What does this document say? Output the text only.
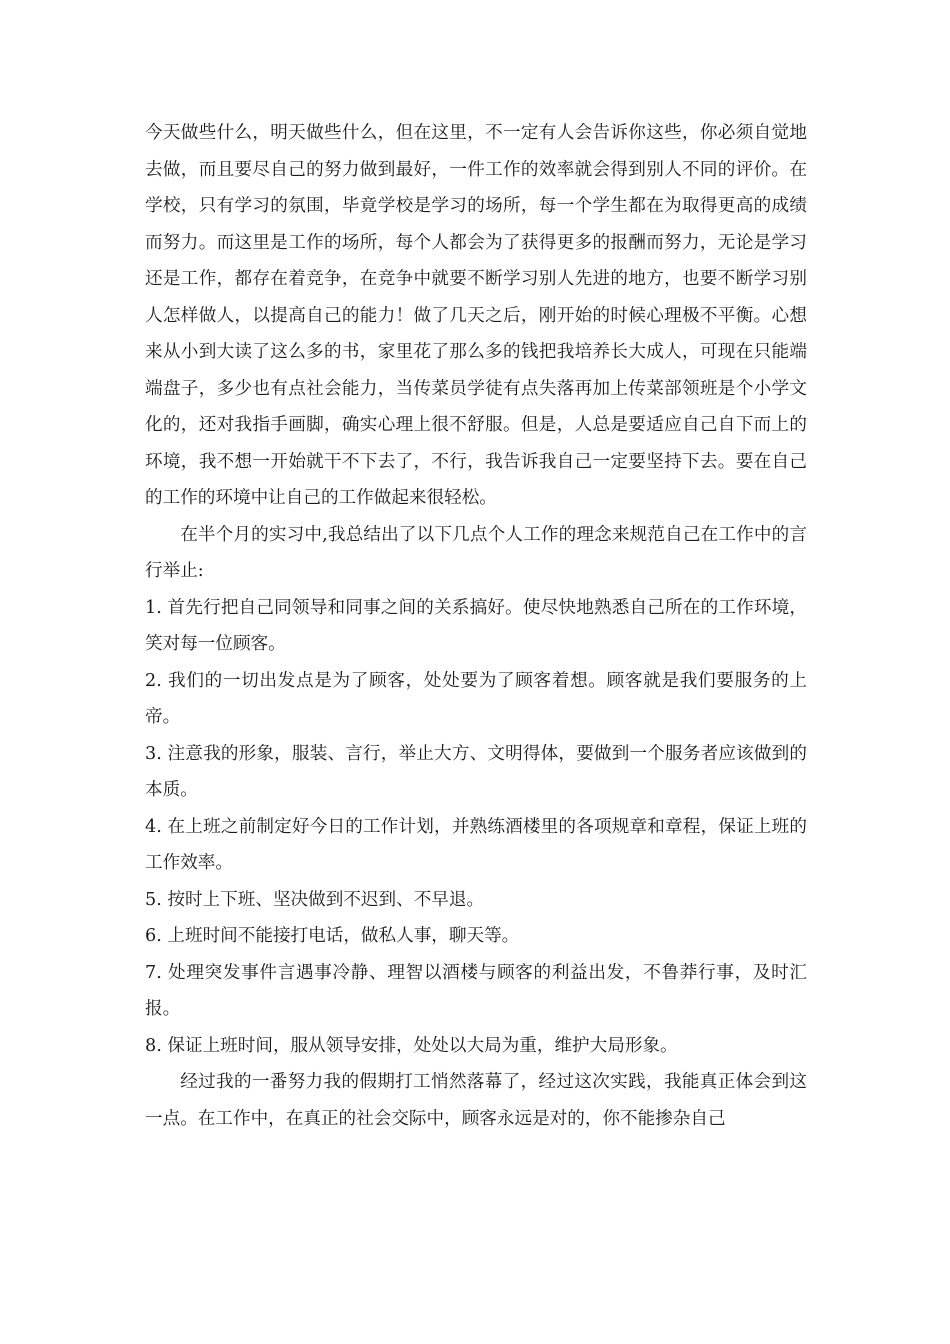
今天做些什么，明天做些什么，但在这里，不一定有人会告诉你这些，你必须自觉地去做，而且要尽自己的努力做到最好，一件工作的效率就会得到别人不同的评价。在学校，只有学习的氛围，毕竟学校是学习的场所，每一个学生都在为取得更高的成绩而努力。而这里是工作的场所，每个人都会为了获得更多的报酬而努力，无论是学习还是工作，都存在着竞争，在竞争中就要不断学习别人先进的地方，也要不断学习别人怎样做人，以提高自己的能力！做了几天之后，刚开始的时候心理极不平衡。心想来从小到大读了这么多的书，家里花了那么多的钱把我培养长大成人，可现在只能端端盘子，多少也有点社会能力，当传菜员学徒有点失落再加上传菜部领班是个小学文化的，还对我指手画脚，确实心理上很不舒服。但是，人总是要适应自己自下而上的环境，我不想一开始就干不下去了，不行，我告诉我自己一定要坚持下去。要在自己的工作的环境中让自己的工作做起来很轻松。

在半个月的实习中,我总结出了以下几点个人工作的理念来规范自己在工作中的言行举止:

1. 首先行把自己同领导和同事之间的关系搞好。使尽快地熟悉自己所在的工作环境，笑对每一位顾客。

2. 我们的一切出发点是为了顾客，处处要为了顾客着想。顾客就是我们要服务的上帝。

3. 注意我的形象，服装、言行，举止大方、文明得体，要做到一个服务者应该做到的本质。

4. 在上班之前制定好今日的工作计划，并熟练酒楼里的各项规章和章程，保证上班的工作效率。

5. 按时上下班、坚决做到不迟到、不早退。

6. 上班时间不能接打电话，做私人事，聊天等。

7. 处理突发事件言遇事冷静、理智以酒楼与顾客的利益出发，不鲁莽行事，及时汇报。

8. 保证上班时间，服从领导安排，处处以大局为重，维护大局形象。

经过我的一番努力我的假期打工悄然落幕了，经过这次实践，我能真正体会到这一点。在工作中，在真正的社会交际中，顾客永远是对的，你不能掺杂自己
